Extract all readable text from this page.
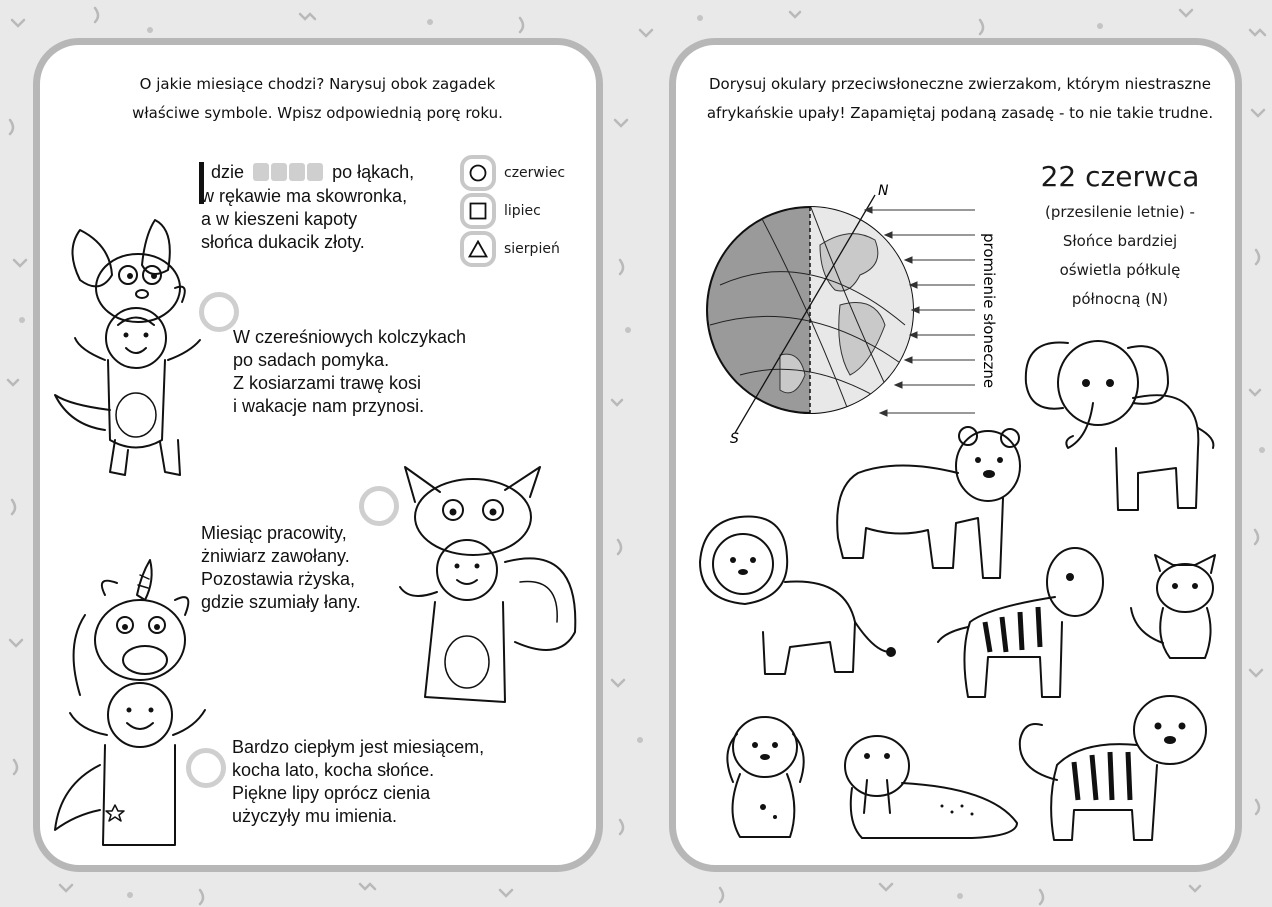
O jakie miesiące chodzi? Narysuj obok zagadek
właściwe symbole. Wpisz odpowiednią porę roku.
dzie	po łąkach,
w rękawie ma skowronka,
a w kieszeni kapoty
słońca dukacik złoty.
czerwiec
lipiec
sierpień
W czereśniowych kolczykach
po sadach pomyka.
Z kosiarzami trawę kosi
i wakacje nam przynosi.
Miesiąc pracowity,
żniwiarz zawołany.
Pozostawia rżyska,
gdzie szumiały łany.
Bardzo ciepłym jest miesiącem,
kocha lato, kocha słońce.
Piękne lipy oprócz cienia
użyczyły mu imienia.
Dorysuj okulary przeciwsłoneczne zwierzakom, którym niestraszne
afrykańskie upały! Zapamiętaj podaną zasadę - to nie takie trudne.
22 czerwca
(przesilenie letnie) -
Słońce bardziej
oświetla półkulę
północną (N)
N
S
promienie słoneczne
